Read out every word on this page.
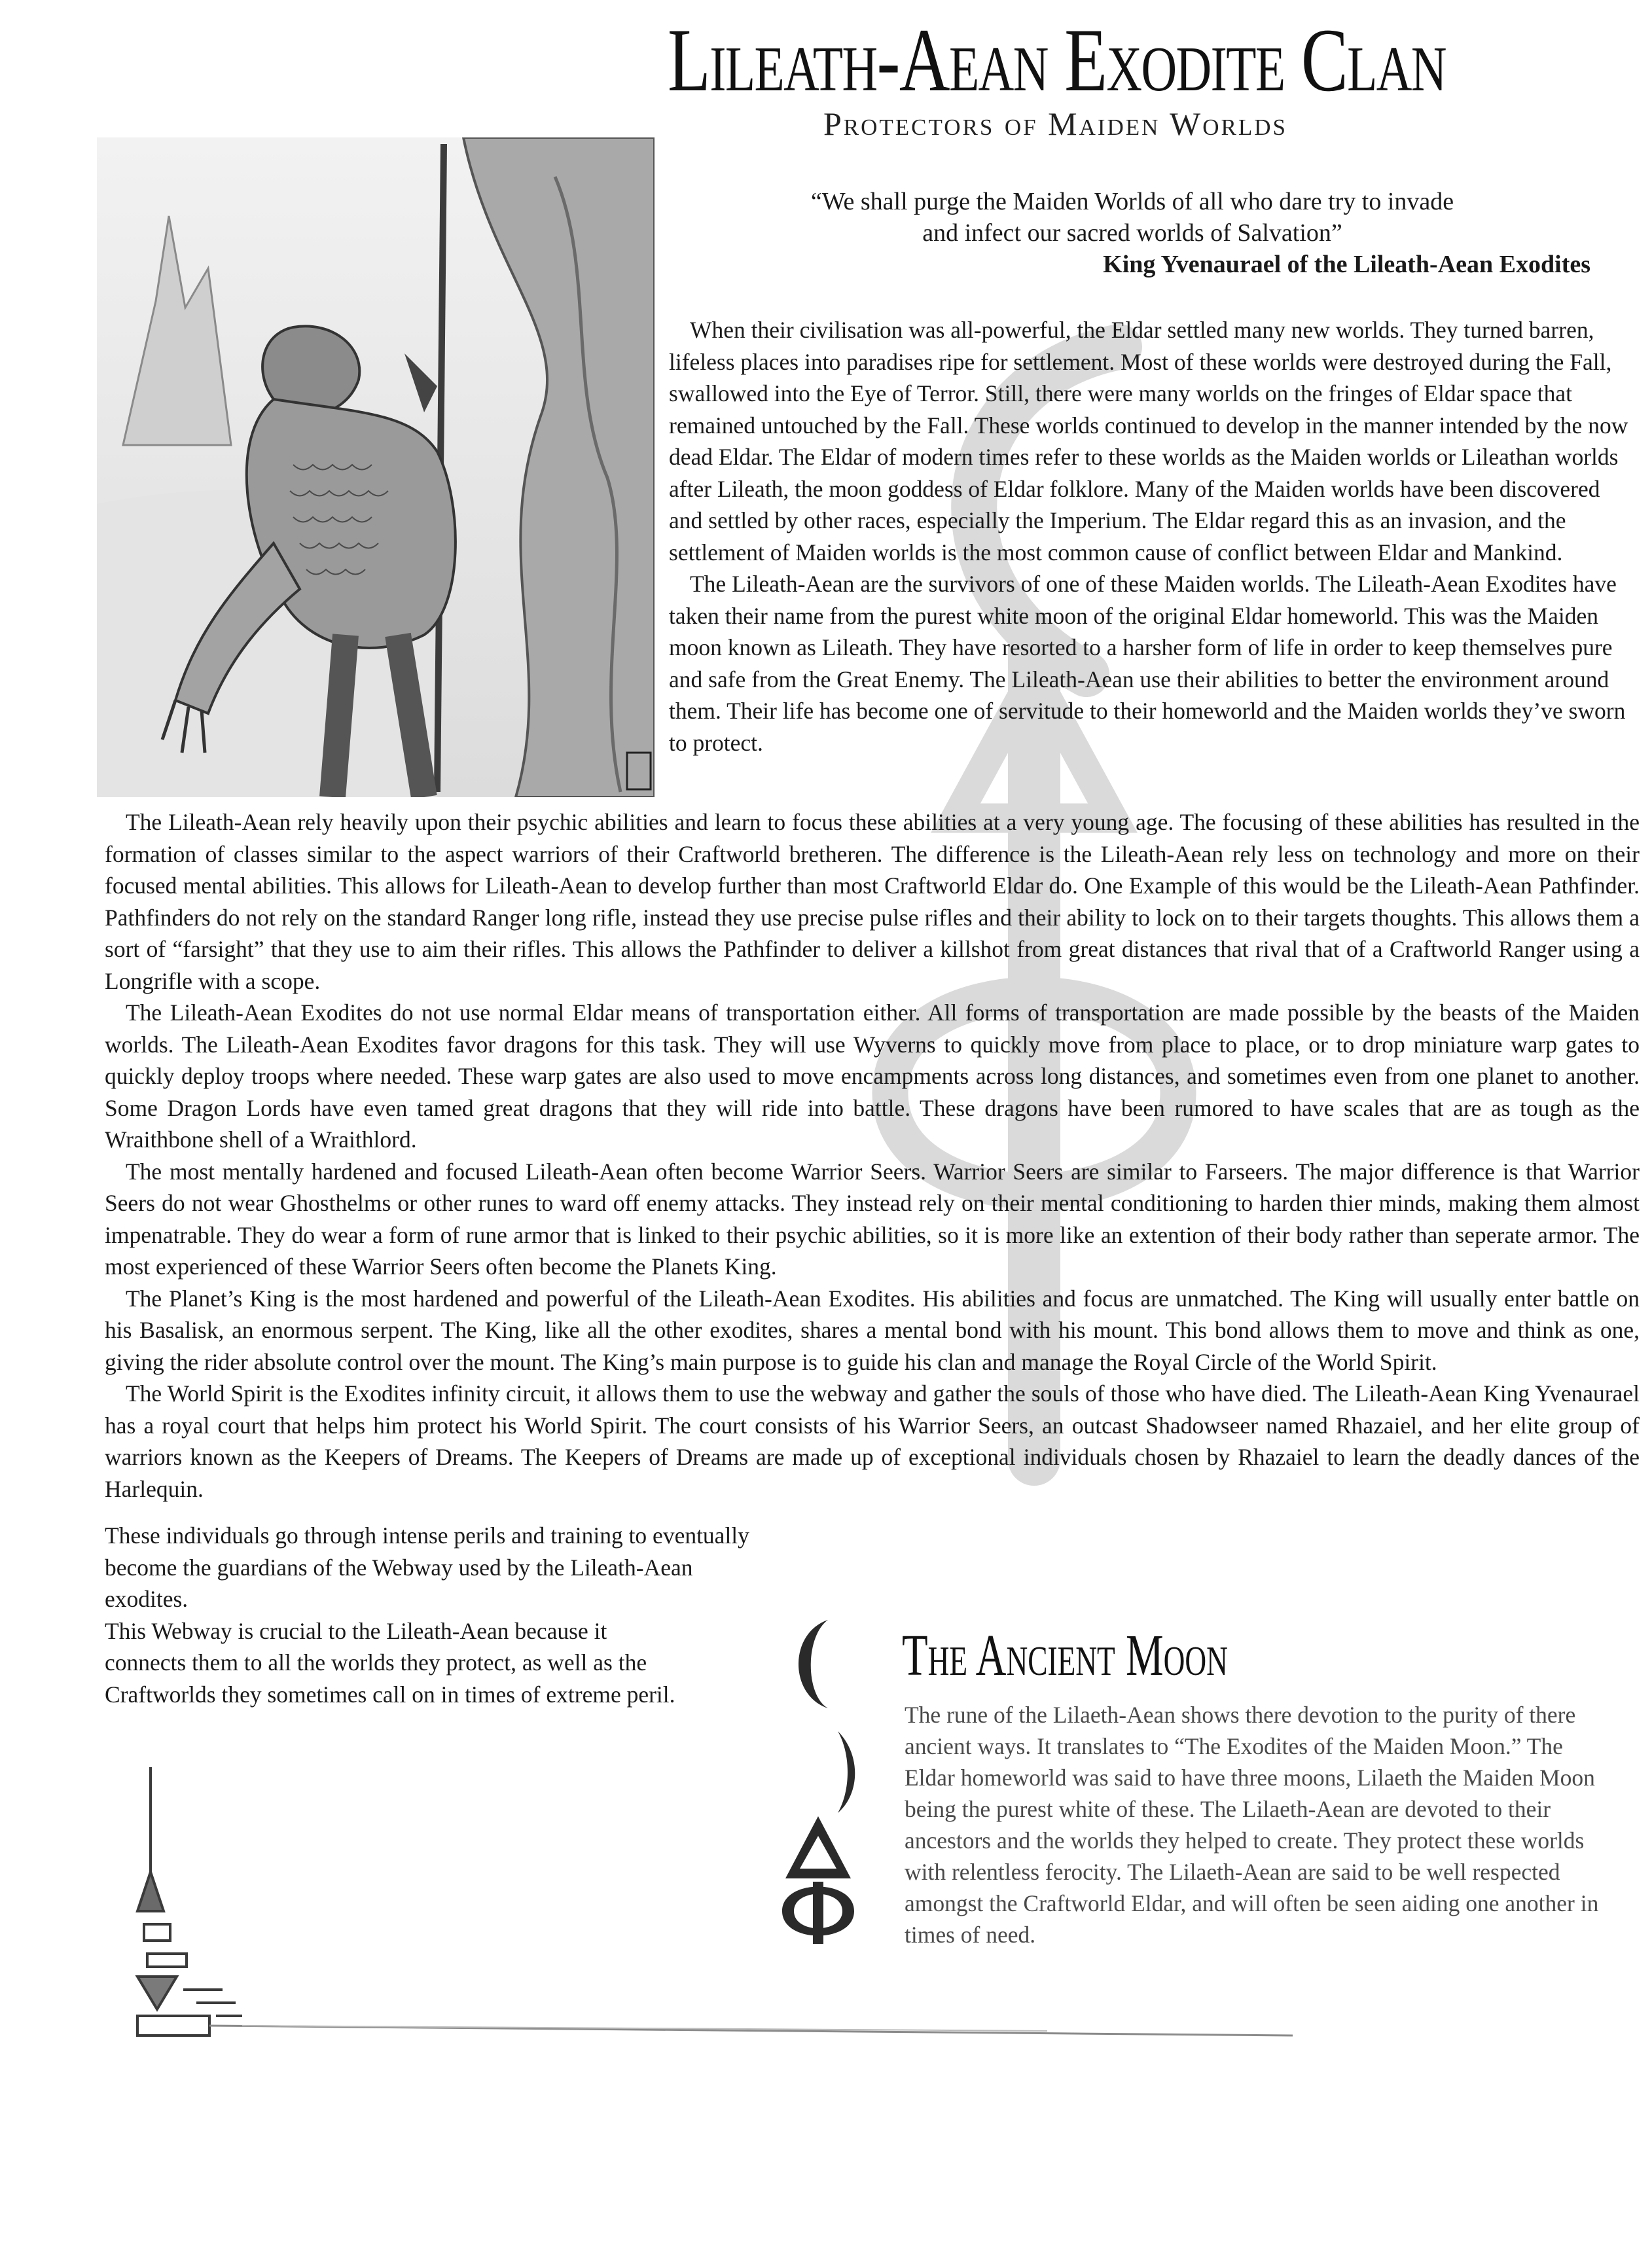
Lileath-Aean Exodite Clan
Protectors of Maiden Worlds
“We shall purge the Maiden Worlds of all who dare try to invade
and infect our sacred worlds of Salvation”
King Yvenaurael of the Lileath-Aean Exodites

When their civilisation was all-powerful, the Eldar settled many new worlds. They turned barren, lifeless places into paradises ripe for settlement. Most of these worlds were destroyed during the Fall, swallowed into the Eye of Terror. Still, there were many worlds on the fringes of Eldar space that remained untouched by the Fall. These worlds continued to develop in the manner intended by the now dead Eldar. The Eldar of modern times refer to these worlds as the Maiden worlds or Lileathan worlds after Lileath, the moon goddess of Eldar folklore. Many of the Maiden worlds have been discovered and settled by other races, especially the Imperium. The Eldar regard this as an invasion, and the settlement of Maiden worlds is the most common cause of conflict between Eldar and Mankind.

The Lileath-Aean are the survivors of one of these Maiden worlds. The Lileath-Aean Exodites have taken their name from the purest white moon of the original Eldar homeworld. This was the Maiden moon known as Lileath. They have resorted to a harsher form of life in order to keep themselves pure and safe from the Great Enemy. The Lileath-Aean use their abilities to better the environment around them. Their life has become one of servitude to their homeworld and the Maiden worlds they’ve sworn to protect.

The Lileath-Aean rely heavily upon their psychic abilities and learn to focus these abilities at a very young age. The focusing of these abilities has resulted in the formation of classes similar to the aspect warriors of their Craftworld bretheren. The difference is the Lileath-Aean rely less on technology and more on their focused mental abilities. This allows for Lileath-Aean to develop further than most Craftworld Eldar do. One Example of this would be the Lileath-Aean Pathfinder. Pathfinders do not rely on the standard Ranger long rifle, instead they use precise pulse rifles and their ability to lock on to their targets thoughts. This allows them a sort of “farsight” that they use to aim their rifles. This allows the Pathfinder to deliver a killshot from great distances that rival that of a Craftworld Ranger using a Longrifle with a scope.

The Lileath-Aean Exodites do not use normal Eldar means of transportation either. All forms of transportation are made possible by the beasts of the Maiden worlds. The Lileath-Aean Exodites favor dragons for this task. They will use Wyverns to quickly move from place to place, or to drop miniature warp gates to quickly deploy troops where needed. These warp gates are also used to move encampments across long distances, and sometimes even from one planet to another. Some Dragon Lords have even tamed great dragons that they will ride into battle. These dragons have been rumored to have scales that are as tough as the Wraithbone shell of a Wraithlord.

The most mentally hardened and focused Lileath-Aean often become Warrior Seers. Warrior Seers are similar to Farseers. The major difference is that Warrior Seers do not wear Ghosthelms or other runes to ward off enemy attacks. They instead rely on their mental conditioning to harden thier minds, making them almost impenatrable. They do wear a form of rune armor that is linked to their psychic abilities, so it is more like an extention of their body rather than seperate armor. The most experienced of these Warrior Seers often become the Planets King.

The Planet’s King is the most hardened and powerful of the Lileath-Aean Exodites. His abilities and focus are unmatched. The King will usually enter battle on his Basalisk, an enormous serpent. The King, like all the other exodites, shares a mental bond with his mount. This bond allows them to move and think as one, giving the rider absolute control over the mount. The King’s main purpose is to guide his clan and manage the Royal Circle of the World Spirit.

The World Spirit is the Exodites infinity circuit, it allows them to use the webway and gather the souls of those who have died. The Lileath-Aean King Yvenaurael has a royal court that helps him protect his World Spirit. The court consists of his Warrior Seers, an outcast Shadowseer named Rhazaiel, and her elite group of warriors known as the Keepers of Dreams. The Keepers of Dreams are made up of exceptional individuals chosen by Rhazaiel to learn the deadly dances of the Harlequin.

These individuals go through intense perils and training to eventually

become the guardians of the Webway used by the Lileath-Aean exodites.

This Webway is crucial to the Lileath-Aean because it

connects them to all the worlds they protect, as well as the

Craftworlds they sometimes call on in times of extreme peril.

The Ancient Moon
The rune of the Lilaeth-Aean shows there devotion to the purity of there ancient ways. It translates to “The Exodites of the Maiden Moon.” The Eldar homeworld was said to have three moons, Lilaeth the Maiden Moon being the purest white of these. The Lilaeth-Aean are devoted to their ancestors and the worlds they helped to create. They protect these worlds with relentless ferocity. The Lilaeth-Aean are said to be well respected amongst the Craftworld Eldar, and will often be seen aiding one another in times of need.
